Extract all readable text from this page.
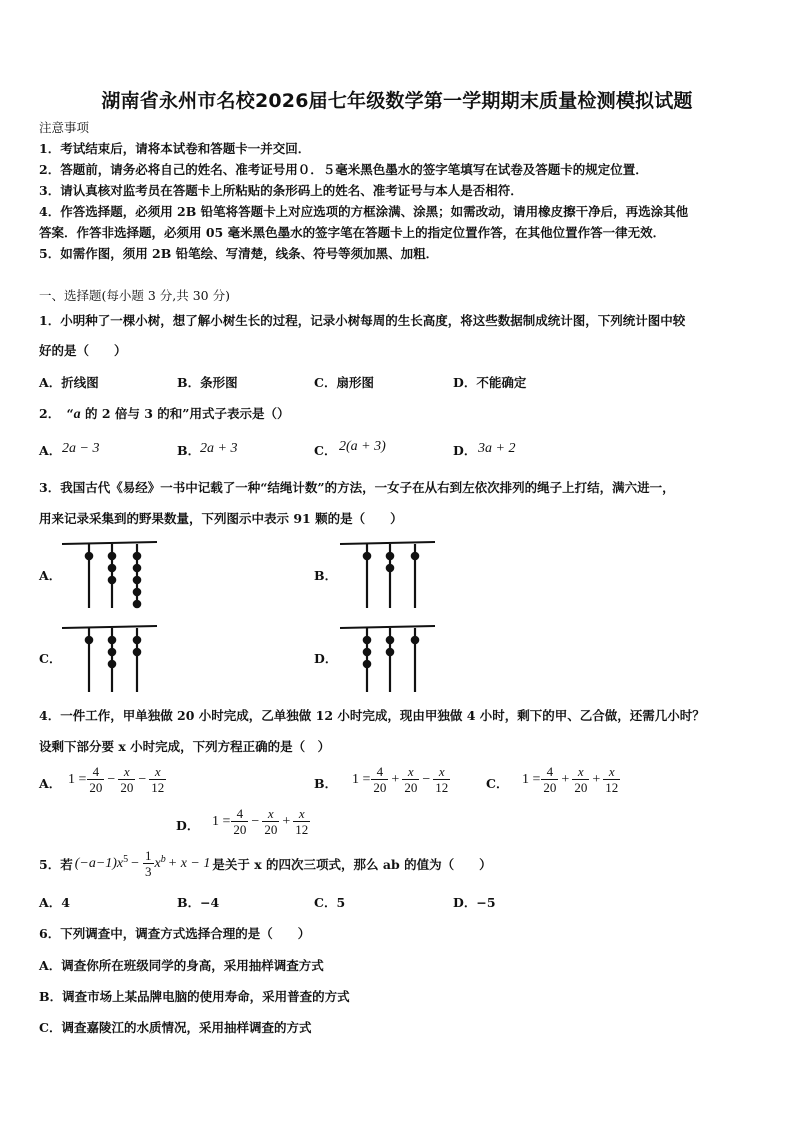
湖南省永州市名校2026届七年级数学第一学期期末质量检测模拟试题
注意事项
1．考试结束后，请将本试卷和答题卡一并交回．
2．答题前，请务必将自己的姓名、准考证号用０．５毫米黑色墨水的签字笔填写在试卷及答题卡的规定位置．
3．请认真核对监考员在答题卡上所粘贴的条形码上的姓名、准考证号与本人是否相符．
4．作答选择题，必须用 2B 铅笔将答题卡上对应选项的方框涂满、涂黑；如需改动，请用橡皮擦干净后，再选涂其他
答案．作答非选择题，必须用 05 毫米黑色墨水的签字笔在答题卡上的指定位置作答，在其他位置作答一律无效．
5．如需作图，须用 2B 铅笔绘、写清楚，线条、符号等须加黑、加粗．
一、选择题(每小题 3 分,共 30 分)
1．小明种了一棵小树，想了解小树生长的过程，记录小树每周的生长高度，将这些数据制成统计图，下列统计图中较
好的是（　　）
A．折线图	B．条形图	C．扇形图	D．不能确定
2．　“a 的 2 倍与 3 的和”用式子表示是（）
A． 2a − 3	B． 2a + 3	C． 2(a + 3)	D． 3a + 2
3．我国古代《易经》一书中记载了一种“结绳计数”的方法，一女子在从右到左依次排列的绳子上打结，满六进一，
用来记录采集到的野果数量，下列图示中表示 91 颗的是（　　）
A．	B．
C．	D．
4．一件工作，甲单独做 20 小时完成，乙单独做 12 小时完成，现由甲独做 4 小时，剩下的甲、乙合做，还需几小时？
设剩下部分要 x 小时完成，下列方程正确的是（　）
A． $1 = \frac{4}{20} - \frac{x}{20} - \frac{x}{12}$	B． $1 = \frac{4}{20} + \frac{x}{20} - \frac{x}{12}$	C． $1 = \frac{4}{20} + \frac{x}{20} + \frac{x}{12}$
D． $1 = \frac{4}{20} - \frac{x}{20} + \frac{x}{12}$
5．若 $(-a-1)x^5 - \frac{1}{3} x^b + x - 1$ 是关于 x 的四次三项式，那么 ab 的值为（　　）
A．4	B．−4	C．5	D．−5
6．下列调查中，调查方式选择合理的是（　　）
A．调查你所在班级同学的身高，采用抽样调查方式
B．调查市场上某品牌电脑的使用寿命，采用普查的方式
C．调查嘉陵江的水质情况，采用抽样调查的方式
